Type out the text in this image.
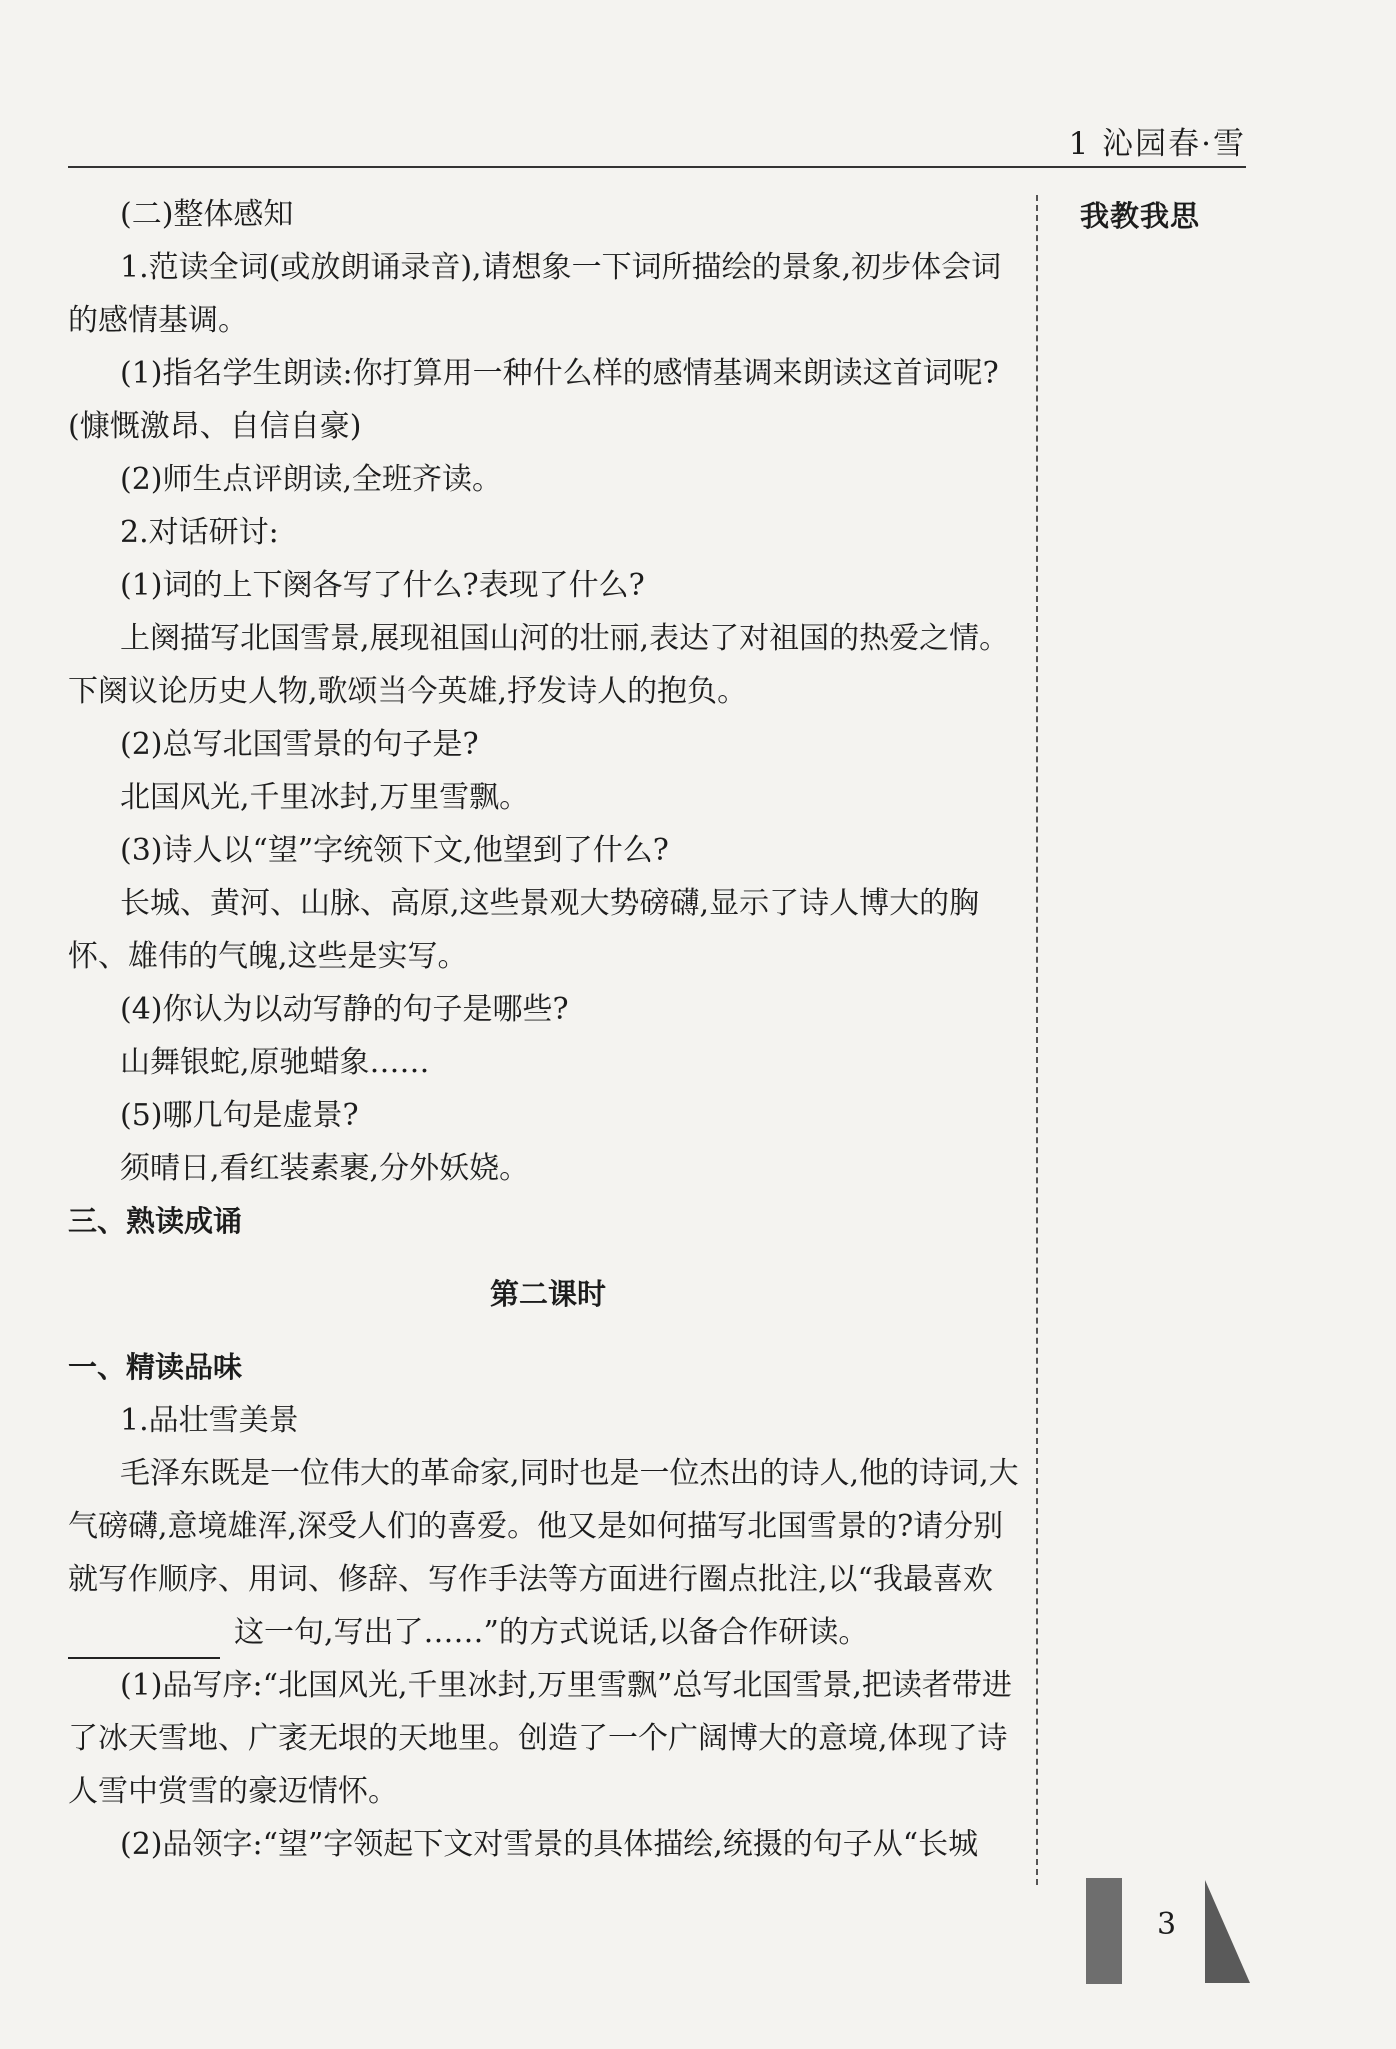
1 沁园春·雪
我教我思

(二)整体感知

1.范读全词(或放朗诵录音),请想象一下词所描绘的景象,初步体会词的感情基调。

(1)指名学生朗读:你打算用一种什么样的感情基调来朗读这首词呢?(慷慨激昂、自信自豪)

(2)师生点评朗读,全班齐读。

2.对话研讨:

(1)词的上下阕各写了什么?表现了什么?

上阕描写北国雪景,展现祖国山河的壮丽,表达了对祖国的热爱之情。下阕议论历史人物,歌颂当今英雄,抒发诗人的抱负。

(2)总写北国雪景的句子是?

北国风光,千里冰封,万里雪飘。

(3)诗人以“望”字统领下文,他望到了什么?

长城、黄河、山脉、高原,这些景观大势磅礴,显示了诗人博大的胸怀、雄伟的气魄,这些是实写。

(4)你认为以动写静的句子是哪些?

山舞银蛇,原驰蜡象……

(5)哪几句是虚景?

须晴日,看红装素裹,分外妖娆。

三、熟读成诵

第二课时

一、精读品味

1.品壮雪美景

毛泽东既是一位伟大的革命家,同时也是一位杰出的诗人,他的诗词,大气磅礴,意境雄浑,深受人们的喜爱。他又是如何描写北国雪景的?请分别就写作顺序、用词、修辞、写作手法等方面进行圈点批注,以“我最喜欢

这一句,写出了……”的方式说话,以备合作研读。

(1)品写序:“北国风光,千里冰封,万里雪飘”总写北国雪景,把读者带进了冰天雪地、广袤无垠的天地里。创造了一个广阔博大的意境,体现了诗人雪中赏雪的豪迈情怀。

(2)品领字:“望”字领起下文对雪景的具体描绘,统摄的句子从“长城

3
